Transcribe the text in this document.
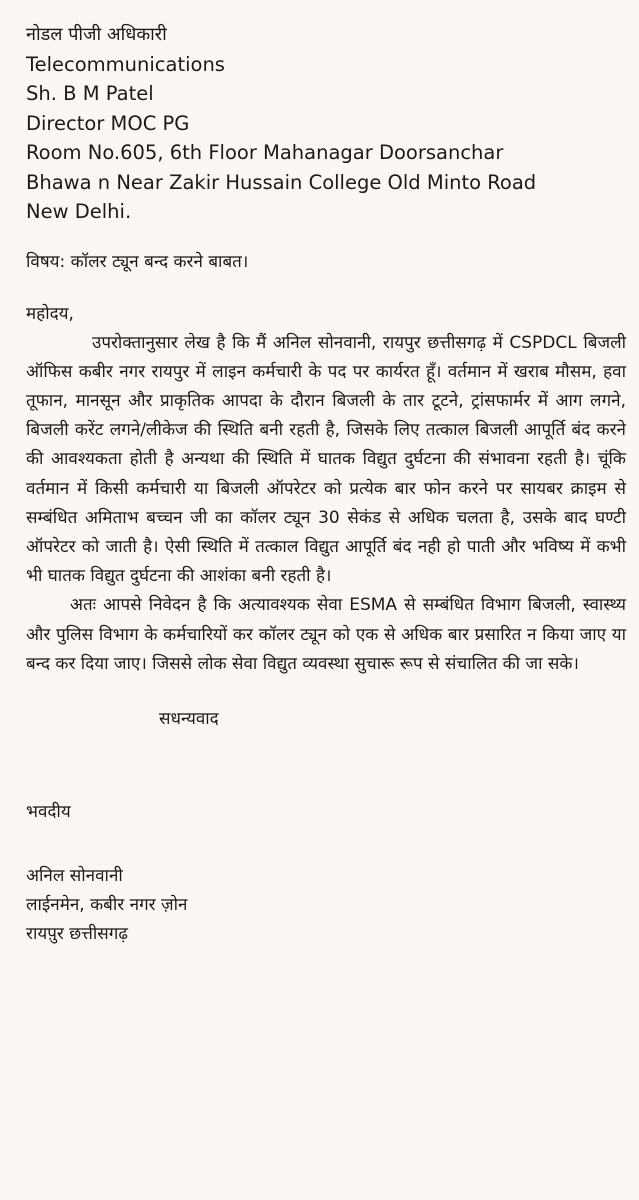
नोडल पीजी अधिकारी
Telecommunications
Sh. B M Patel
Director MOC PG
Room No.605, 6th Floor Mahanagar Doorsanchar
Bhawa n Near Zakir Hussain College Old Minto Road
New Delhi.
विषय: कॉलर ट्यून बन्द करने बाबत।
महोदय,

उपरोक्तानुसार लेख है कि मैं अनिल सोनवानी, रायपुर छत्तीसगढ़ में CSPDCL बिजली ऑफिस कबीर नगर रायपुर में लाइन कर्मचारी के पद पर कार्यरत हूँ। वर्तमान में खराब मौसम, हवा तूफान, मानसून और प्राकृतिक आपदा के दौरान बिजली के तार टूटने, ट्रांसफार्मर में आग लगने, बिजली करेंट लगने/लीकेज की स्थिति बनी रहती है, जिसके लिए तत्काल बिजली आपूर्ति बंद करने की आवश्यकता होती है अन्यथा की स्थिति में घातक विद्युत दुर्घटना की संभावना रहती है। चूंकि वर्तमान में किसी कर्मचारी या बिजली ऑपरेटर को प्रत्येक बार फोन करने पर सायबर क्राइम से सम्बंधित अमिताभ बच्चन जी का कॉलर ट्यून 30 सेकंड से अधिक चलता है, उसके बाद घण्टी ऑपरेटर को जाती है। ऐसी स्थिति में तत्काल विद्युत आपूर्ति बंद नही हो पाती और भविष्य में कभी भी घातक विद्युत दुर्घटना की आशंका बनी रहती है।

अतः आपसे निवेदन है कि अत्यावश्यक सेवा ESMA से सम्बंधित विभाग बिजली, स्वास्थ्य और पुलिस विभाग के कर्मचारियों कर कॉलर ट्यून को एक से अधिक बार प्रसारित न किया जाए या बन्द कर दिया जाए। जिससे लोक सेवा विद्युत व्यवस्था सुचारू रूप से संचालित की जा सके।

सधन्यवाद
भवदीय
अनिल सोनवानी
लाईनमेन, कबीर नगर ज़ोन
रायप़ुर छत्तीसगढ़
